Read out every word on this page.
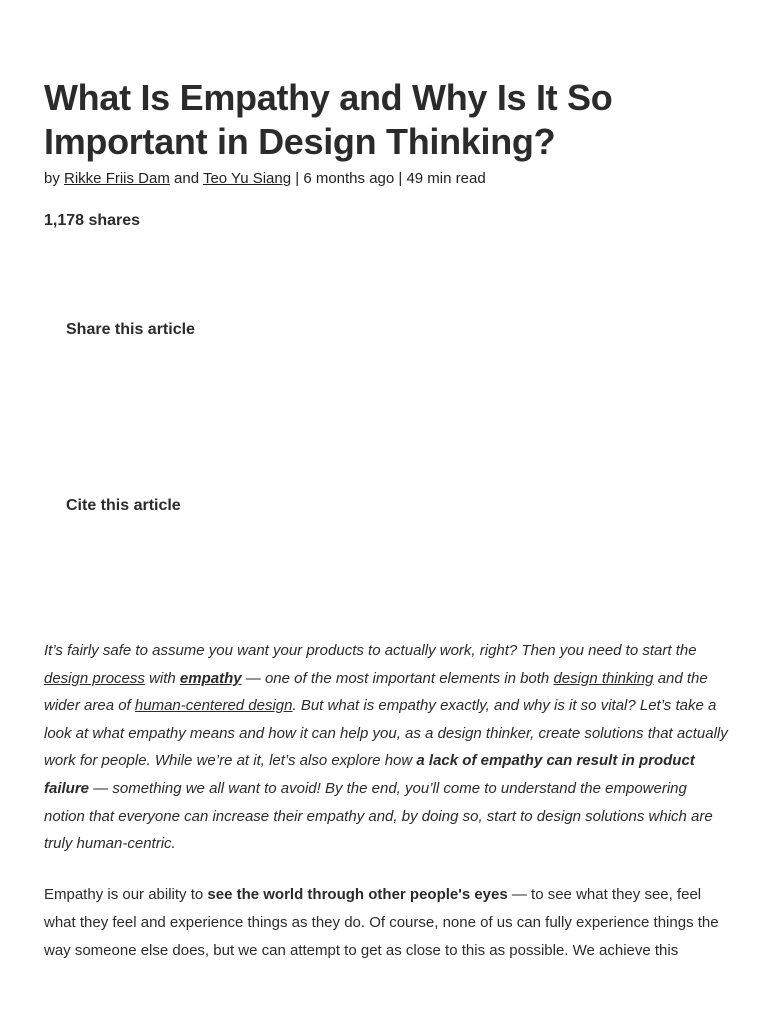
What Is Empathy and Why Is It So Important in Design Thinking?
by Rikke Friis Dam and Teo Yu Siang | 6 months ago | 49 min read
1,178 shares
Share this article
Cite this article

It’s fairly safe to assume you want your products to actually work, right? Then you need to start the design process with empathy — one of the most important elements in both design thinking and the wider area of human-centered design. But what is empathy exactly, and why is it so vital? Let’s take a look at what empathy means and how it can help you, as a design thinker, create solutions that actually work for people. While we’re at it, let’s also explore how a lack of empathy can result in product failure — something we all want to avoid! By the end, you’ll come to understand the empowering notion that everyone can increase their empathy and, by doing so, start to design solutions which are truly human-centric.

Empathy is our ability to see the world through other people's eyes — to see what they see, feel what they feel and experience things as they do. Of course, none of us can fully experience things the way someone else does, but we can attempt to get as close to this as possible. We achieve this
